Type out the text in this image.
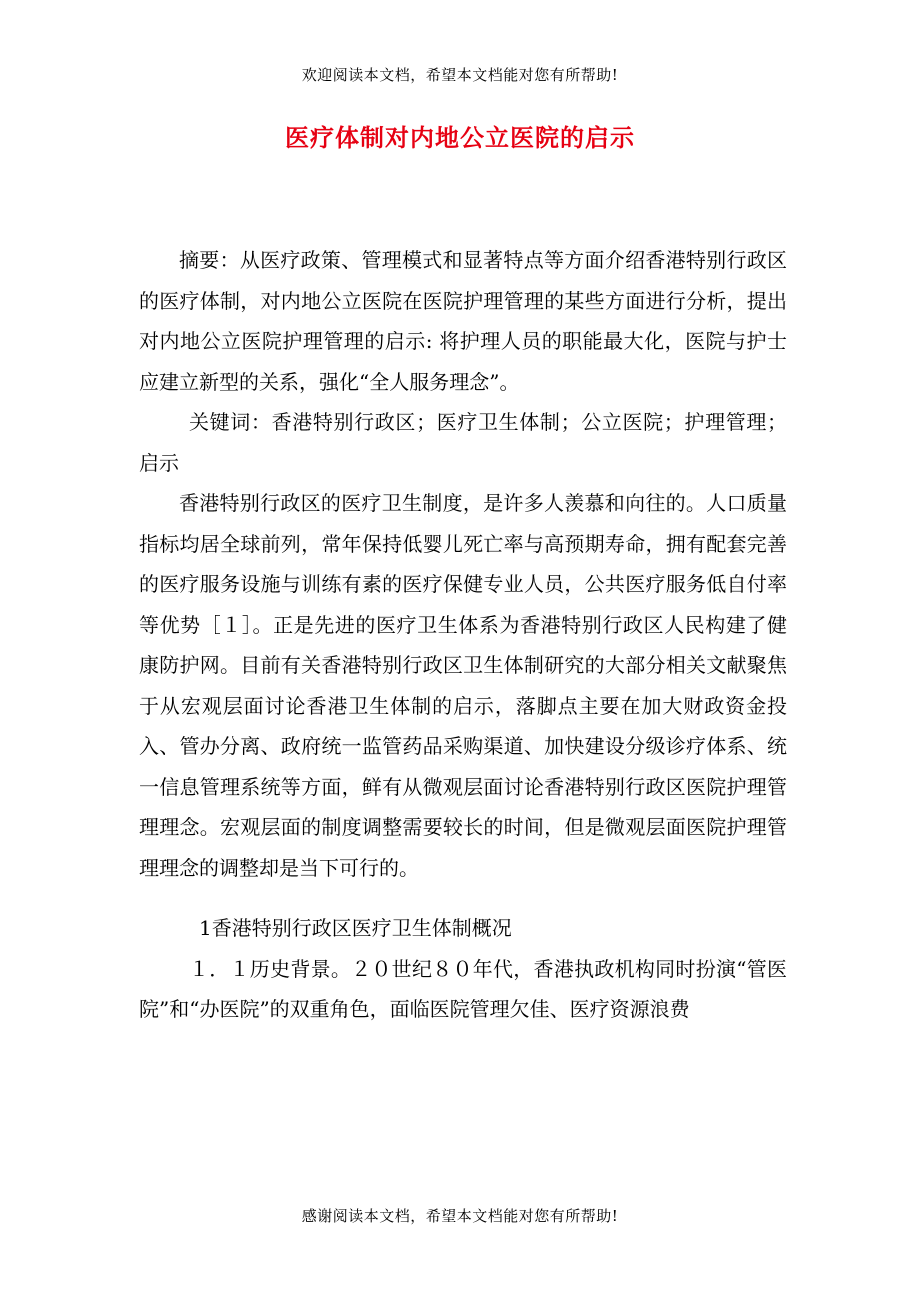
欢迎阅读本文档，希望本文档能对您有所帮助!
医疗体制对内地公立医院的启示

摘要：从医疗政策、管理模式和显著特点等方面介绍香港特别行政区的医疗体制，对内地公立医院在医院护理管理的某些方面进行分析，提出对内地公立医院护理管理的启示: 将护理人员的职能最大化，医院与护士应建立新型的关系，强化“全人服务理念”。

关键词：香港特别行政区；医疗卫生体制；公立医院；护理管理；启示

香港特别行政区的医疗卫生制度，是许多人羡慕和向往的。人口质量指标均居全球前列，常年保持低婴儿死亡率与高预期寿命，拥有配套完善的医疗服务设施与训练有素的医疗保健专业人员，公共医疗服务低自付率等优势［１］。正是先进的医疗卫生体系为香港特别行政区人民构建了健康防护网。目前有关香港特别行政区卫生体制研究的大部分相关文献聚焦于从宏观层面讨论香港卫生体制的启示，落脚点主要在加大财政资金投入、管办分离、政府统一监管药品采购渠道、加快建设分级诊疗体系、统一信息管理系统等方面，鲜有从微观层面讨论香港特别行政区医院护理管理理念。宏观层面的制度调整需要较长的时间，但是微观层面医院护理管理理念的调整却是当下可行的。

1香港特别行政区医疗卫生体制概况

１．１历史背景。２０世纪８０年代，香港执政机构同时扮演“管医院”和“办医院”的双重角色，面临医院管理欠佳、医疗资源浪费

感谢阅读本文档，希望本文档能对您有所帮助!
